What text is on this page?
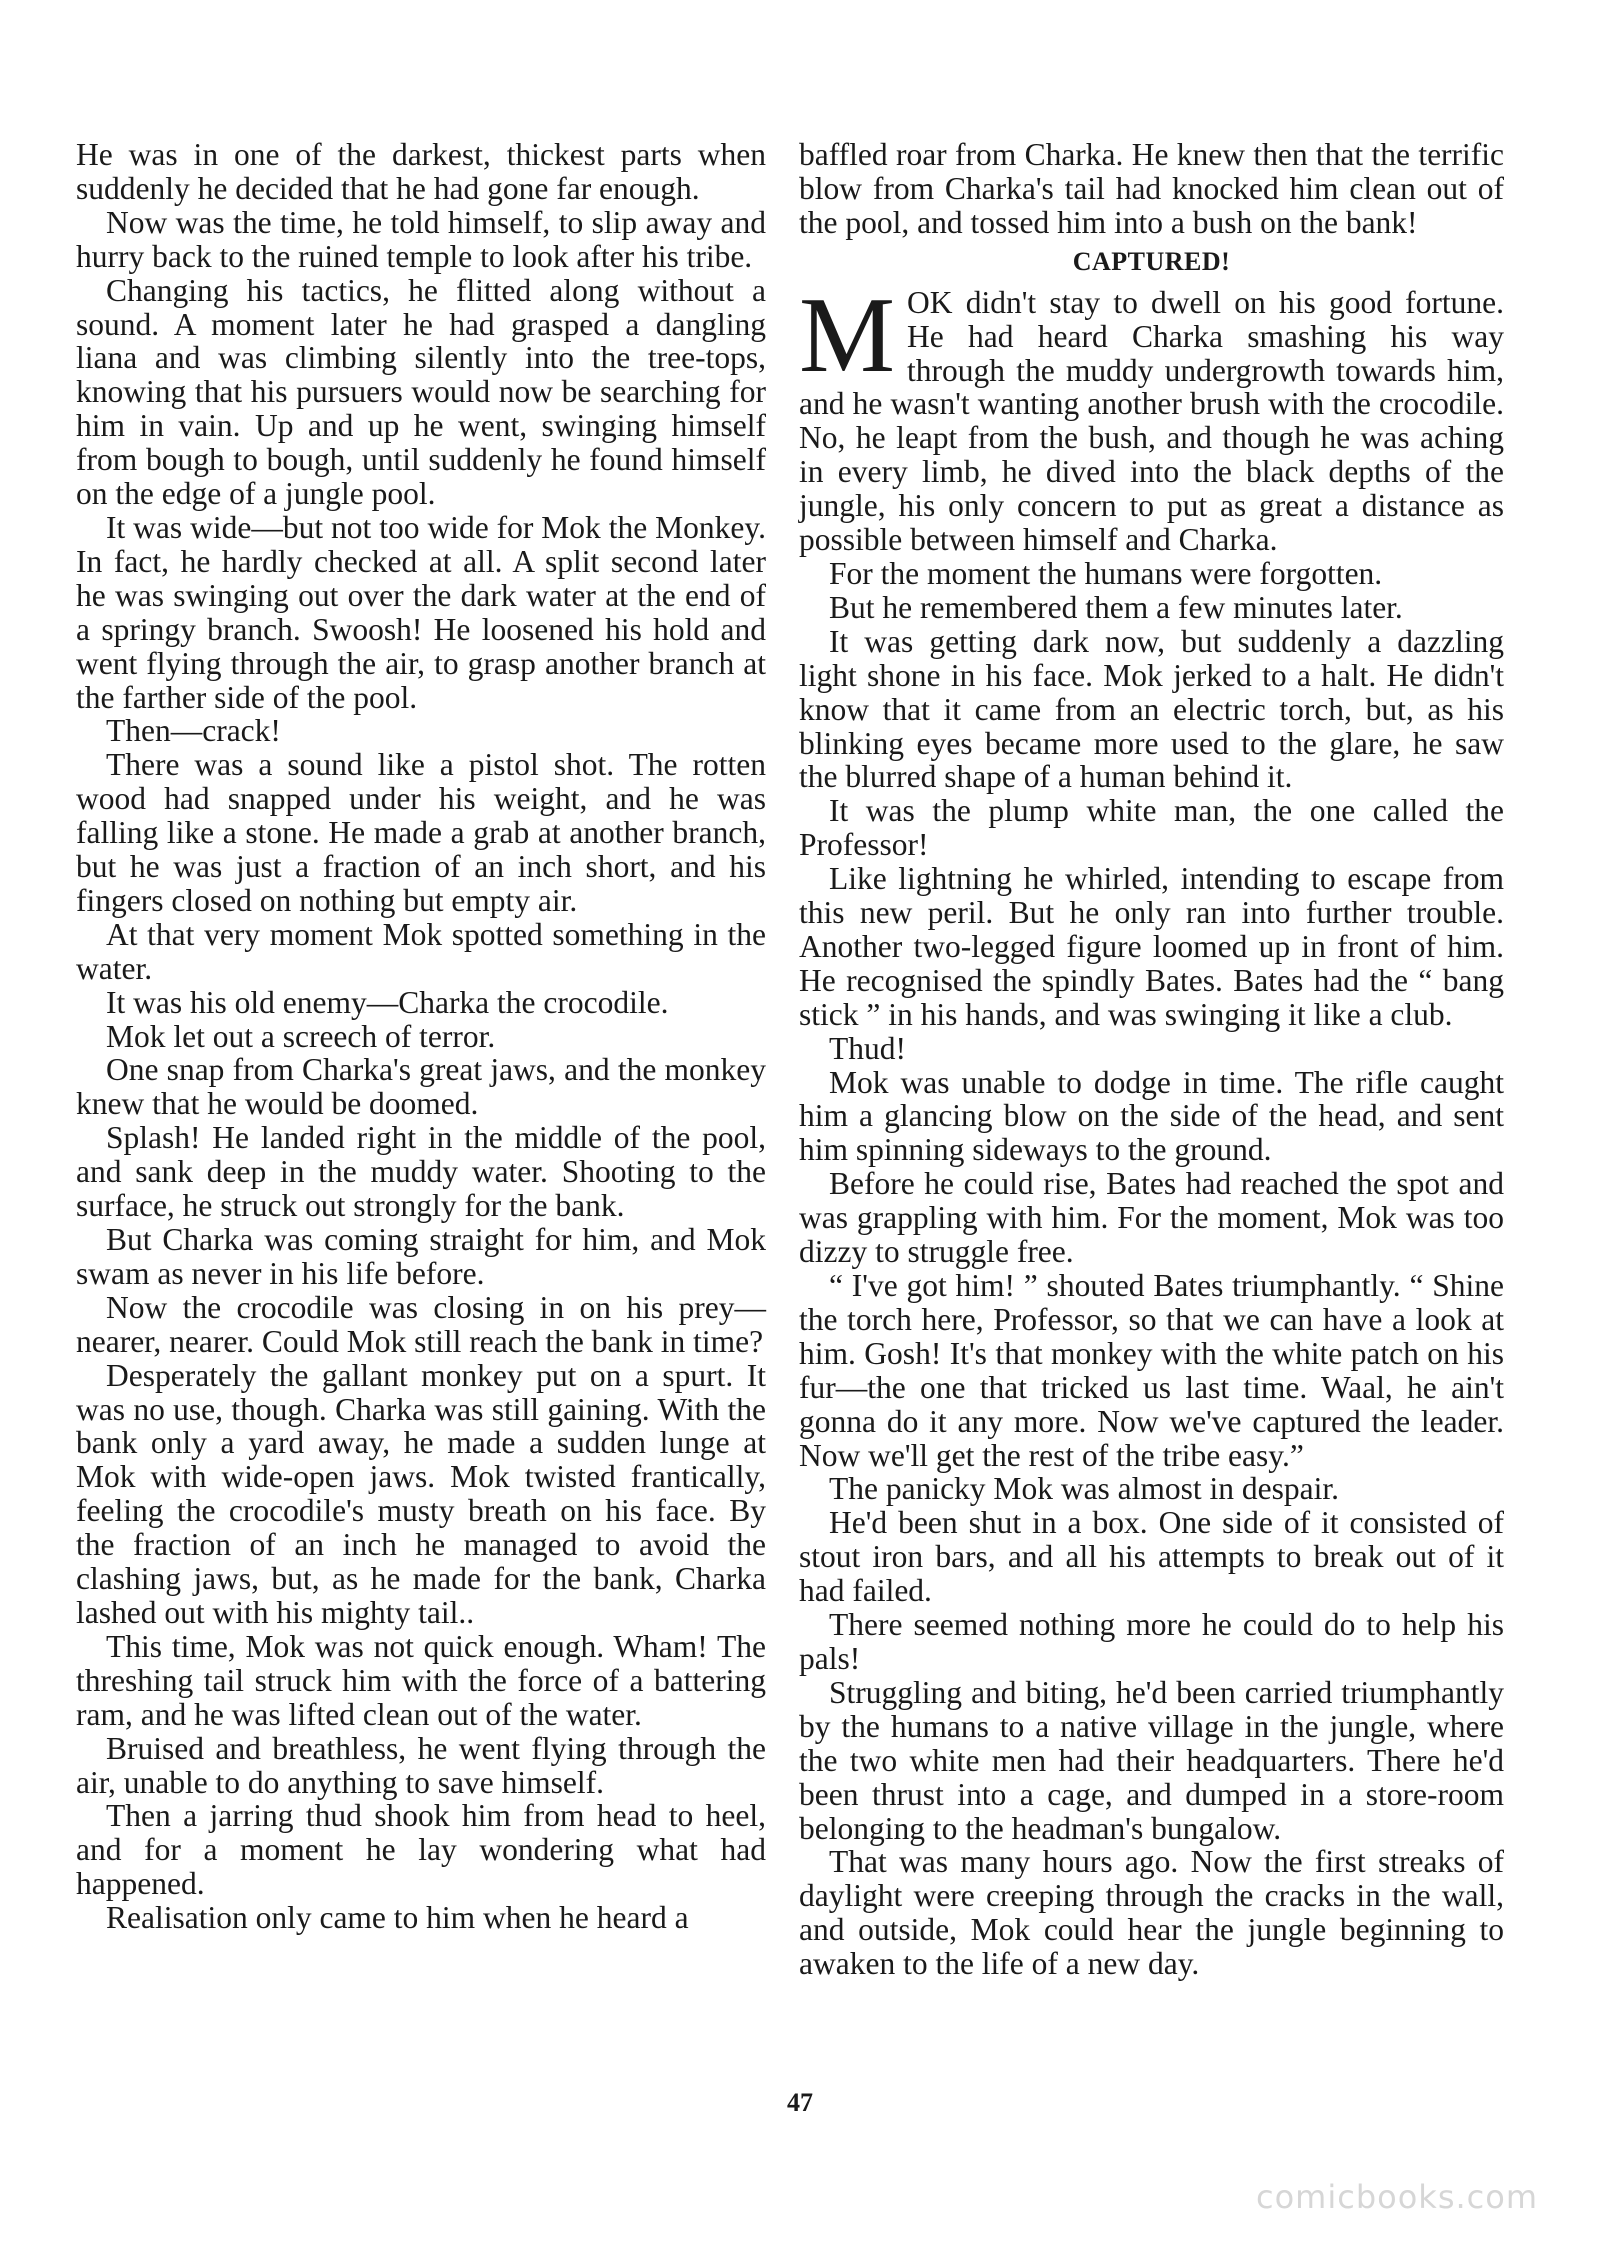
He was in one of the darkest, thickest parts when suddenly he decided that he had gone far enough.

Now was the time, he told himself, to slip away and hurry back to the ruined temple to look after his tribe.

Changing his tactics, he flitted along without a sound. A moment later he had grasped a dangling liana and was climbing silently into the tree-tops, knowing that his pursuers would now be searching for him in vain. Up and up he went, swinging himself from bough to bough, until suddenly he found himself on the edge of a jungle pool.

It was wide—but not too wide for Mok the Monkey. In fact, he hardly checked at all. A split second later he was swinging out over the dark water at the end of a springy branch. Swoosh! He loosened his hold and went flying through the air, to grasp another branch at the farther side of the pool.

Then—crack!

There was a sound like a pistol shot. The rotten wood had snapped under his weight, and he was falling like a stone. He made a grab at another branch, but he was just a fraction of an inch short, and his fingers closed on nothing but empty air.

At that very moment Mok spotted something in the water.

It was his old enemy—Charka the crocodile.

Mok let out a screech of terror.

One snap from Charka's great jaws, and the monkey knew that he would be doomed.

Splash! He landed right in the middle of the pool, and sank deep in the muddy water. Shooting to the surface, he struck out strongly for the bank.

But Charka was coming straight for him, and Mok swam as never in his life before.

Now the crocodile was closing in on his prey—nearer, nearer. Could Mok still reach the bank in time?

Desperately the gallant monkey put on a spurt. It was no use, though. Charka was still gaining. With the bank only a yard away, he made a sudden lunge at Mok with wide-open jaws. Mok twisted frantically, feeling the crocodile's musty breath on his face. By the fraction of an inch he managed to avoid the clashing jaws, but, as he made for the bank, Charka lashed out with his mighty tail..

This time, Mok was not quick enough. Wham! The threshing tail struck him with the force of a battering ram, and he was lifted clean out of the water.

Bruised and breathless, he went flying through the air, unable to do anything to save himself.

Then a jarring thud shook him from head to heel, and for a moment he lay wondering what had happened.

Realisation only came to him when he heard a

baffled roar from Charka. He knew then that the terrific blow from Charka's tail had knocked him clean out of the pool, and tossed him into a bush on the bank!

CAPTURED!

MOK didn't stay to dwell on his good fortune. He had heard Charka smashing his way through the muddy undergrowth towards him, and he wasn't wanting another brush with the crocodile. No, he leapt from the bush, and though he was aching in every limb, he dived into the black depths of the jungle, his only concern to put as great a distance as possible between himself and Charka.

For the moment the humans were forgotten.

But he remembered them a few minutes later.

It was getting dark now, but suddenly a dazzling light shone in his face. Mok jerked to a halt. He didn't know that it came from an electric torch, but, as his blinking eyes became more used to the glare, he saw the blurred shape of a human behind it.

It was the plump white man, the one called the Professor!

Like lightning he whirled, intending to escape from this new peril. But he only ran into further trouble. Another two-legged figure loomed up in front of him. He recognised the spindly Bates. Bates had the “ bang stick ” in his hands, and was swinging it like a club.

Thud!

Mok was unable to dodge in time. The rifle caught him a glancing blow on the side of the head, and sent him spinning sideways to the ground.

Before he could rise, Bates had reached the spot and was grappling with him. For the moment, Mok was too dizzy to struggle free.

“ I've got him! ” shouted Bates triumphantly. “ Shine the torch here, Professor, so that we can have a look at him. Gosh! It's that monkey with the white patch on his fur—the one that tricked us last time. Waal, he ain't gonna do it any more. Now we've captured the leader. Now we'll get the rest of the tribe easy.”

The panicky Mok was almost in despair.

He'd been shut in a box. One side of it consisted of stout iron bars, and all his attempts to break out of it had failed.

There seemed nothing more he could do to help his pals!

Struggling and biting, he'd been carried triumphantly by the humans to a native village in the jungle, where the two white men had their headquarters. There he'd been thrust into a cage, and dumped in a store-room belonging to the headman's bungalow.

That was many hours ago. Now the first streaks of daylight were creeping through the cracks in the wall, and outside, Mok could hear the jungle beginning to awaken to the life of a new day.

47
comicbooks.com
